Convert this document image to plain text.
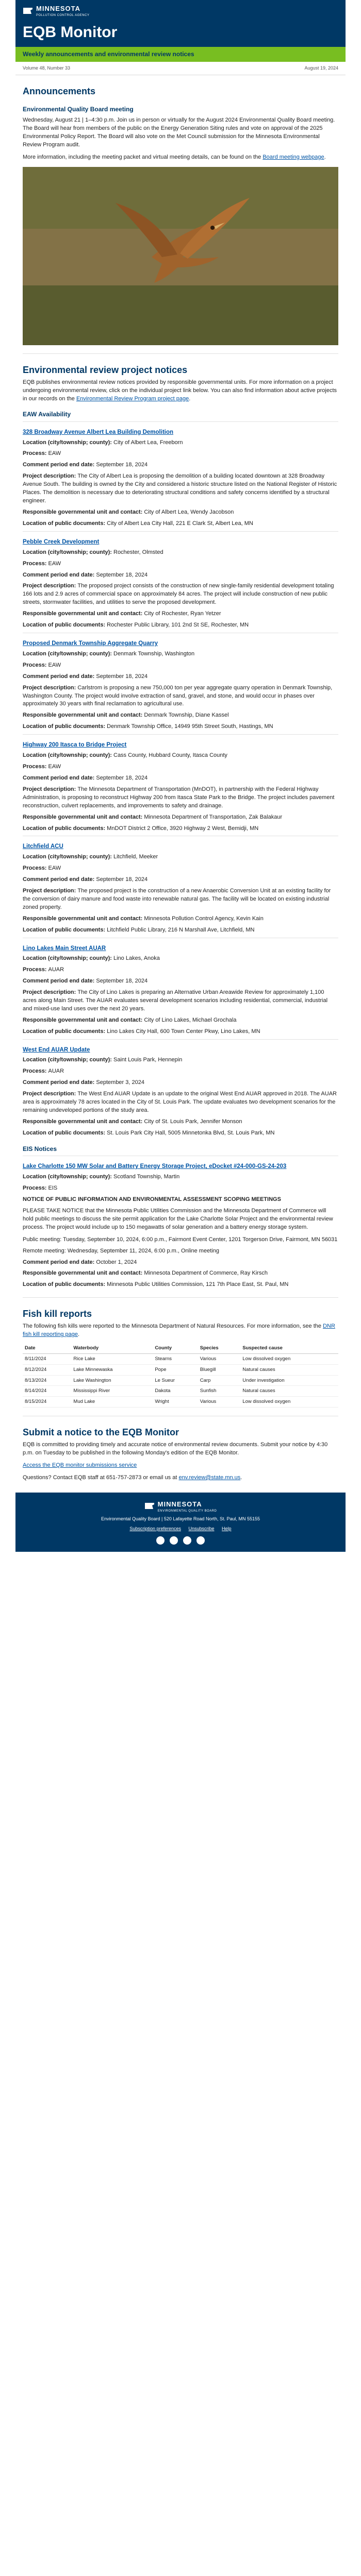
MINNESOTA
POLLUTION CONTROL AGENCY
EQB Monitor
Weekly announcements and environmental review notices
Volume 48, Number 33	August 19, 2024
Announcements
Environmental Quality Board meeting

Wednesday, August 21 | 1–4:30 p.m. Join us in person or virtually for the August 2024 Environmental Quality Board meeting. The Board will hear from members of the public on the Energy Generation Siting rules and vote on approval of the 2025 Environmental Policy Report. The Board will also vote on the Met Council submission for the Minnesota Environmental Review Program audit.

More information, including the meeting packet and virtual meeting details, can be found on the Board meeting webpage.

Environmental review project notices

EQB publishes environmental review notices provided by responsible governmental units. For more information on a project undergoing environmental review, click on the individual project link below. You can also find information about active projects in our records on the Environmental Review Program project page.

EAW Availability
328 Broadway Avenue Albert Lea Building Demolition
Location (city/township; county): City of Albert Lea, Freeborn
Process: EAW
Comment period end date: September 18, 2024
Project description: The City of Albert Lea is proposing the demolition of a building located downtown at 328 Broadway Avenue South. The building is owned by the City and considered a historic structure listed on the National Register of Historic Places. The demolition is necessary due to deteriorating structural conditions and safety concerns identified by a structural engineer.
Responsible governmental unit and contact: City of Albert Lea, Wendy Jacobson
Location of public documents: City of Albert Lea City Hall, 221 E Clark St, Albert Lea, MN
Pebble Creek Development
Location (city/township; county): Rochester, Olmsted
Process: EAW
Comment period end date: September 18, 2024
Project description: The proposed project consists of the construction of new single-family residential development totaling 166 lots and 2.9 acres of commercial space on approximately 84 acres. The project will include construction of new public streets, stormwater facilities, and utilities to serve the proposed development.
Responsible governmental unit and contact: City of Rochester, Ryan Yetzer
Location of public documents: Rochester Public Library, 101 2nd St SE, Rochester, MN
Proposed Denmark Township Aggregate Quarry
Location (city/township; county): Denmark Township, Washington
Process: EAW
Comment period end date: September 18, 2024
Project description: Carlstrom is proposing a new 750,000 ton per year aggregate quarry operation in Denmark Township, Washington County. The project would involve extraction of sand, gravel, and stone, and would occur in phases over approximately 30 years with final reclamation to agricultural use.
Responsible governmental unit and contact: Denmark Township, Diane Kassel
Location of public documents: Denmark Township Office, 14949 95th Street South, Hastings, MN
Highway 200 Itasca to Bridge Project
Location (city/township; county): Cass County, Hubbard County, Itasca County
Process: EAW
Comment period end date: September 18, 2024
Project description: The Minnesota Department of Transportation (MnDOT), in partnership with the Federal Highway Administration, is proposing to reconstruct Highway 200 from Itasca State Park to the Bridge. The project includes pavement reconstruction, culvert replacements, and improvements to safety and drainage.
Responsible governmental unit and contact: Minnesota Department of Transportation, Zak Balakaur
Location of public documents: MnDOT District 2 Office, 3920 Highway 2 West, Bemidji, MN
Litchfield ACU
Location (city/township; county): Litchfield, Meeker
Process: EAW
Comment period end date: September 18, 2024
Project description: The proposed project is the construction of a new Anaerobic Conversion Unit at an existing facility for the conversion of dairy manure and food waste into renewable natural gas. The facility will be located on existing industrial zoned property.
Responsible governmental unit and contact: Minnesota Pollution Control Agency, Kevin Kain
Location of public documents: Litchfield Public Library, 216 N Marshall Ave, Litchfield, MN
Lino Lakes Main Street AUAR
Location (city/township; county): Lino Lakes, Anoka
Process: AUAR
Comment period end date: September 18, 2024
Project description: The City of Lino Lakes is preparing an Alternative Urban Areawide Review for approximately 1,100 acres along Main Street. The AUAR evaluates several development scenarios including residential, commercial, industrial and mixed-use land uses over the next 20 years.
Responsible governmental unit and contact: City of Lino Lakes, Michael Grochala
Location of public documents: Lino Lakes City Hall, 600 Town Center Pkwy, Lino Lakes, MN
West End AUAR Update
Location (city/township; county): Saint Louis Park, Hennepin
Process: AUAR
Comment period end date: September 3, 2024
Project description: The West End AUAR Update is an update to the original West End AUAR approved in 2018. The AUAR area is approximately 78 acres located in the City of St. Louis Park. The update evaluates two development scenarios for the remaining undeveloped portions of the study area.
Responsible governmental unit and contact: City of St. Louis Park, Jennifer Monson
Location of public documents: St. Louis Park City Hall, 5005 Minnetonka Blvd, St. Louis Park, MN
EIS Notices
Lake Charlotte 150 MW Solar and Battery Energy Storage Project, eDocket #24-000-GS-24-203
Location (city/township; county): Scotland Township, Martin
Process: EIS
NOTICE OF PUBLIC INFORMATION AND ENVIRONMENTAL ASSESSMENT SCOPING MEETINGS

PLEASE TAKE NOTICE that the Minnesota Public Utilities Commission and the Minnesota Department of Commerce will hold public meetings to discuss the site permit application for the Lake Charlotte Solar Project and the environmental review process. The project would include up to 150 megawatts of solar generation and a battery energy storage system.

Public meeting: Tuesday, September 10, 2024, 6:00 p.m., Fairmont Event Center, 1201 Torgerson Drive, Fairmont, MN 56031
Remote meeting: Wednesday, September 11, 2024, 6:00 p.m., Online meeting
Comment period end date: October 1, 2024
Responsible governmental unit and contact: Minnesota Department of Commerce, Ray Kirsch
Location of public documents: Minnesota Public Utilities Commission, 121 7th Place East, St. Paul, MN
Fish kill reports

The following fish kills were reported to the Minnesota Department of Natural Resources. For more information, see the DNR fish kill reporting page.

Date	Waterbody	County	Species	Suspected cause
8/11/2024	Rice Lake	Stearns	Various	Low dissolved oxygen
8/12/2024	Lake Minnewaska	Pope	Bluegill	Natural causes
8/13/2024	Lake Washington	Le Sueur	Carp	Under investigation
8/14/2024	Mississippi River	Dakota	Sunfish	Natural causes
8/15/2024	Mud Lake	Wright	Various	Low dissolved oxygen
Submit a notice to the EQB Monitor

EQB is committed to providing timely and accurate notice of environmental review documents. Submit your notice by 4:30 p.m. on Tuesday to be published in the following Monday's edition of the EQB Monitor.

Access the EQB monitor submissions service

Questions? Contact EQB staff at 651-757-2873 or email us at env.review@state.mn.us.

MINNESOTA
ENVIRONMENTAL QUALITY BOARD
Environmental Quality Board | 520 Lafayette Road North, St. Paul, MN 55155
Subscription preferences Unsubscribe Help
